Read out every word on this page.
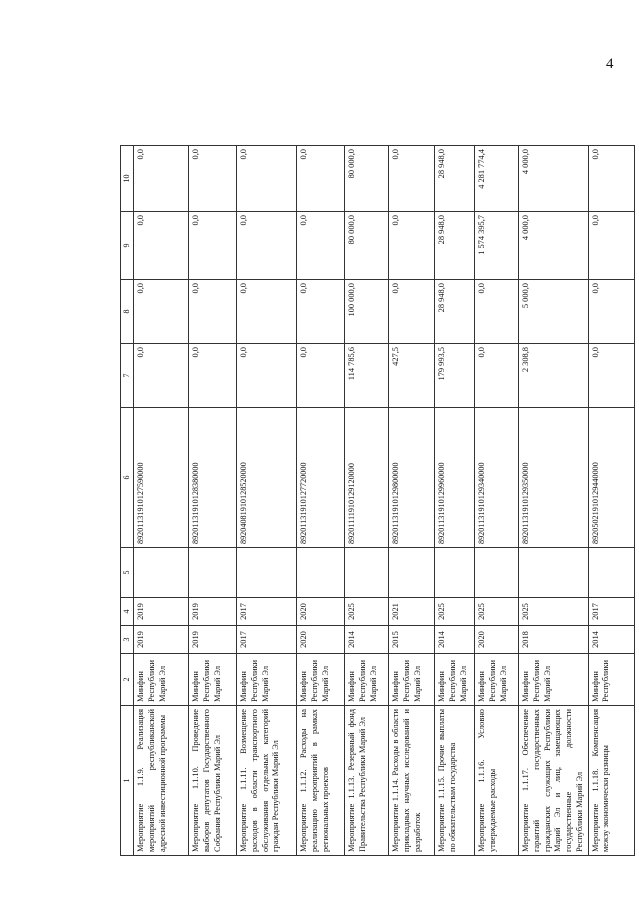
4
1	2	3	4	5	6	7	8	9	10
Мероприятие 1.1.9. Реализация мероприятий республиканской адресной инвестиционной программы	Минфин Республики Марий Эл	2019	2019		89201131910127590000	0,0	0,0	0,0	0,0
Мероприятие 1.1.10. Проведение выборов депутатов Государственного Собрания Республики Марий Эл	Минфин Республики Марий Эл	2019	2019		89201131910128380000	0,0	0,0	0,0	0,0
Мероприятие 1.1.11. Возмещение расходов в области транспортного обслуживания отдельных категорий граждан Республики Марий Эл	Минфин Республики Марий Эл	2017	2017		89204081910128520000	0,0	0,0	0,0	0,0
Мероприятие 1.1.12. Расходы на реализацию мероприятий в рамках региональных проектов	Минфин Республики Марий Эл	2020	2020		89201131910127720000	0,0	0,0	0,0	0,0
Мероприятие 1.1.13. Резервный фонд Правительства Республики Марий Эл	Минфин Республики Марий Эл	2014	2025		89201111910129120000	114 785,6	100 000,0	80 000,0	80 000,0
Мероприятие 1.1.14. Расходы в области прикладных научных исследований и разработок	Минфин Республики Марий Эл	2015	2021		89201131910129800000	427,5	0,0	0,0	0,0
Мероприятие 1.1.15. Прочие выплаты по обязательствам государства	Минфин Республики Марий Эл	2014	2025		89201131910129960000	179 993,5	28 948,0	28 948,0	28 948,0
Мероприятие 1.1.16. Условно утверждаемые расходы	Минфин Республики Марий Эл	2020	2025		89201131910129340000	0,0	0,0	1 574 395,7	4 281 774,4
Мероприятие 1.1.17. Обеспечение гарантий государственных гражданских служащих Республики Марий Эл и лиц, замещающих государственные должности Республики Марий Эл	Минфин Республики Марий Эл	2018	2025		89201131910129350000	2 308,8	5 000,0	4 000,0	4 000,0
Мероприятие 1.1.18. Компенсация межзу экономически разницы	Минфин Республики	2014	2017		89205021910129440000	0,0	0,0	0,0	0,0
